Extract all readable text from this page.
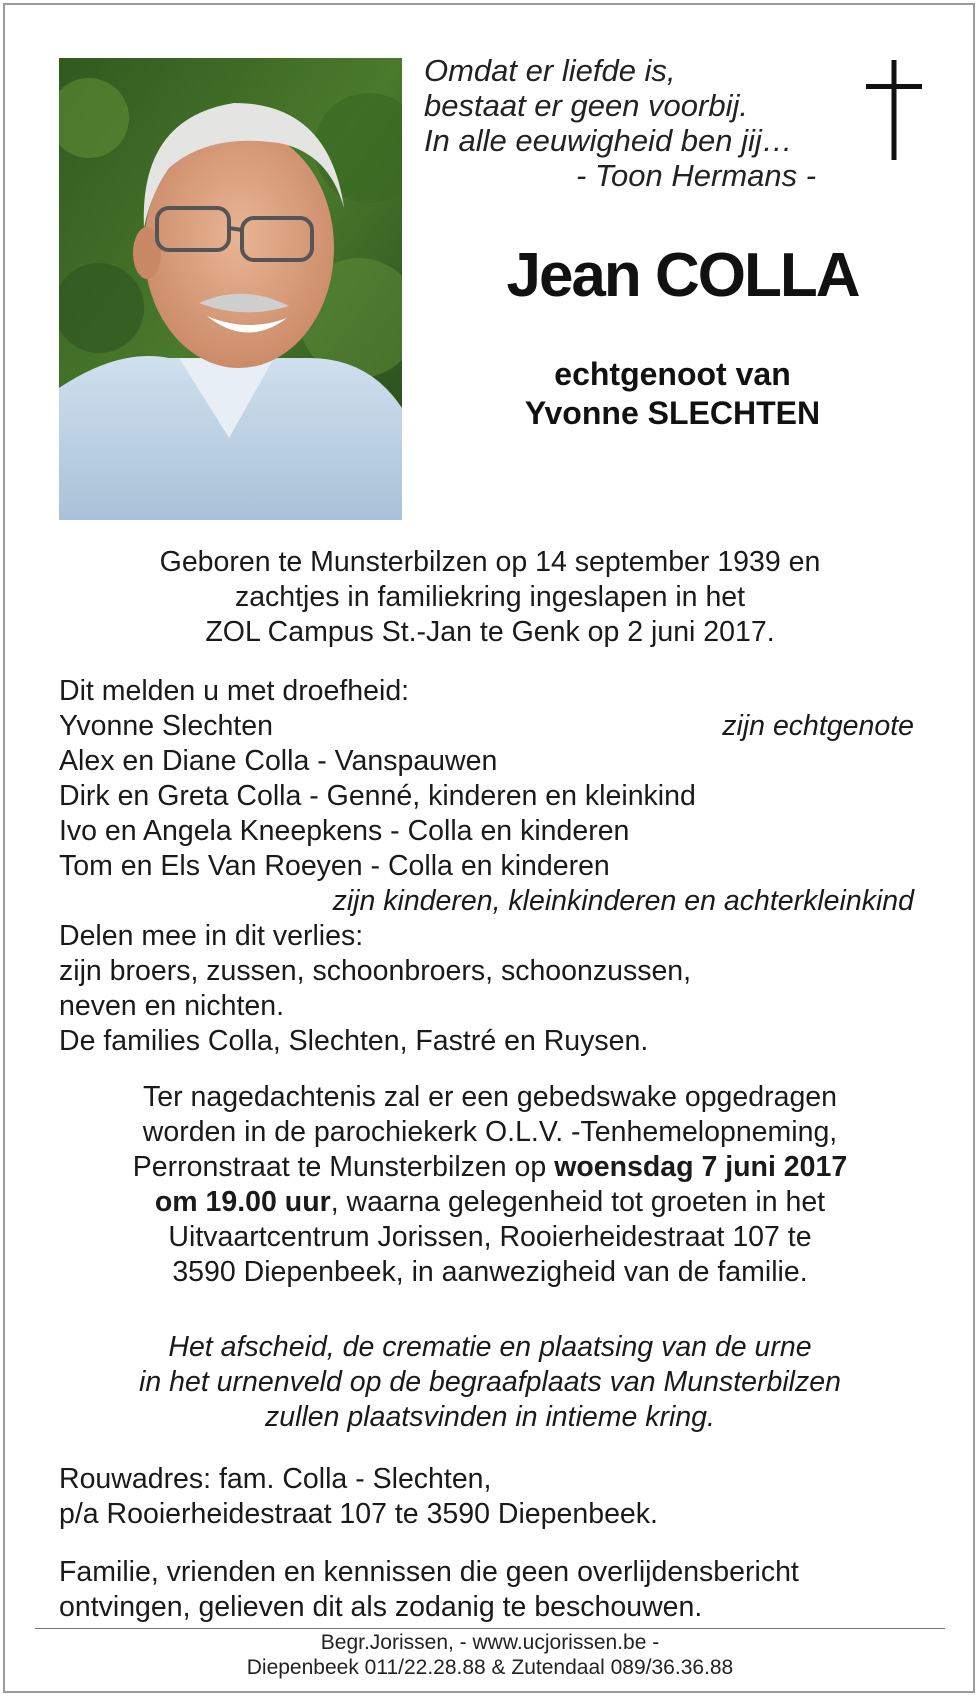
Omdat er liefde is,
bestaat er geen voorbij.
In alle eeuwigheid ben jij…
- Toon Hermans -
Jean COLLA
echtgenoot van
Yvonne SLECHTEN
Geboren te Munsterbilzen op 14 september 1939 en
zachtjes in familiekring ingeslapen in het
ZOL Campus St.-Jan te Genk op 2 juni 2017.
Dit melden u met droefheid:
Yvonne Slechten	zijn echtgenote
Alex en Diane Colla - Vanspauwen
Dirk en Greta Colla - Genné, kinderen en kleinkind
Ivo en Angela Kneepkens - Colla en kinderen
Tom en Els Van Roeyen - Colla en kinderen
zijn kinderen, kleinkinderen en achterkleinkind
Delen mee in dit verlies:
zijn broers, zussen, schoonbroers, schoonzussen,
neven en nichten.
De families Colla, Slechten, Fastré en Ruysen.
Ter nagedachtenis zal er een gebedswake opgedragen
worden in de parochiekerk O.L.V. -Tenhemelopneming,
Perronstraat te Munsterbilzen op woensdag 7 juni 2017
om 19.00 uur, waarna gelegenheid tot groeten in het
Uitvaartcentrum Jorissen, Rooierheidestraat 107 te
3590 Diepenbeek, in aanwezigheid van de familie.
Het afscheid, de crematie en plaatsing van de urne
in het urnenveld op de begraafplaats van Munsterbilzen
zullen plaatsvinden in intieme kring.
Rouwadres: fam. Colla - Slechten,
p/a Rooierheidestraat 107 te 3590 Diepenbeek.
Familie, vrienden en kennissen die geen overlijdensbericht
ontvingen, gelieven dit als zodanig te beschouwen.
Begr.Jorissen, - www.ucjorissen.be -
Diepenbeek 011/22.28.88 & Zutendaal 089/36.36.88
